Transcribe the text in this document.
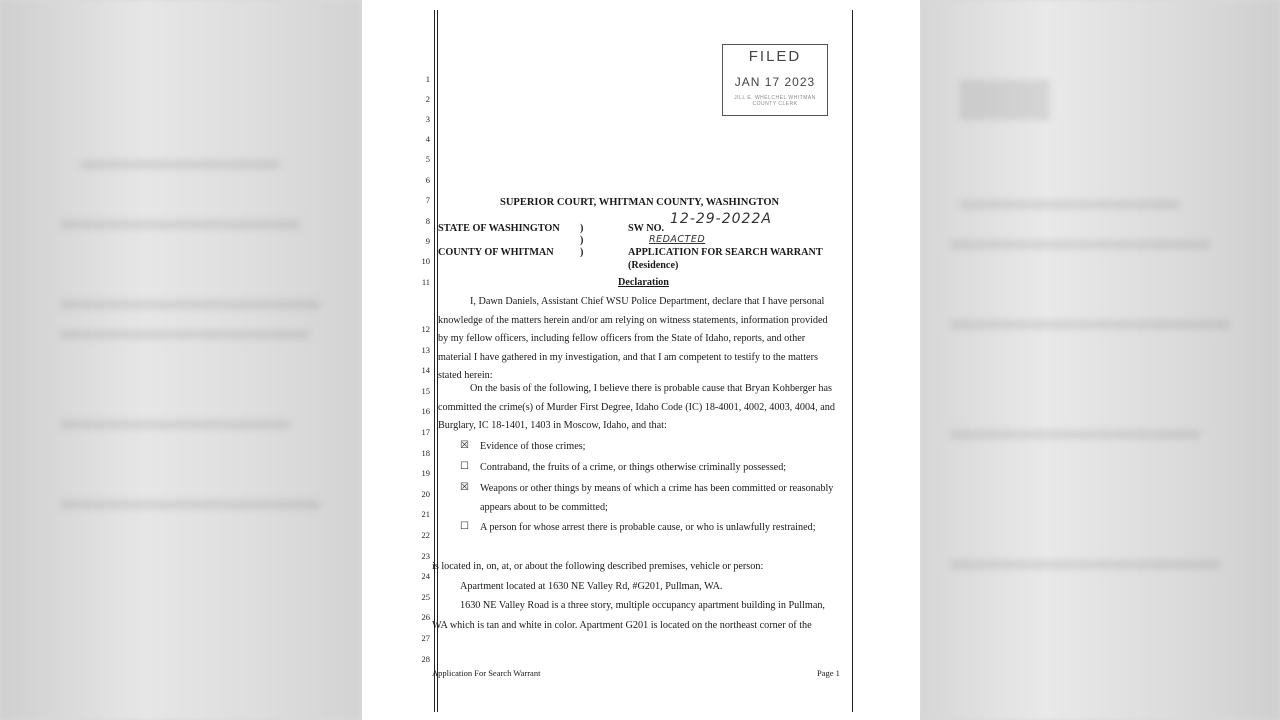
1
2
3
4
5
6
7
8
9
10
11
12
13
14
15
16
17
18
19
20
21
22
23
24
25
26
27
28
FILED
JAN 17 2023
JILL E. WHELCHEL WHITMAN COUNTY CLERK
SUPERIOR COURT, WHITMAN COUNTY, WASHINGTON
STATE OF WASHINGTON )
)
)
COUNTY OF WHITMAN
SW NO.
12-29-2022A
REDACTED
APPLICATION FOR SEARCH WARRANT
(Residence)
Declaration
I, Dawn Daniels, Assistant Chief WSU Police Department, declare that I have personal
knowledge of the matters herein and/or am relying on witness statements, information provided
by my fellow officers, including fellow officers from the State of Idaho, reports, and other
material I have gathered in my investigation, and that I am competent to testify to the matters
stated herein:
On the basis of the following, I believe there is probable cause that Bryan Kohberger has
committed the crime(s) of Murder First Degree, Idaho Code (IC) 18-4001, 4002, 4003, 4004, and
Burglary, IC 18-1401, 1403 in Moscow, Idaho, and that:
☒ Evidence of those crimes;
☐ Contraband, the fruits of a crime, or things otherwise criminally possessed;
☒ Weapons or other things by means of which a crime has been committed or reasonably
appears about to be committed;
☐ A person for whose arrest there is probable cause, or who is unlawfully restrained;
is located in, on, at, or about the following described premises, vehicle or person:
Apartment located at 1630 NE Valley Rd, #G201, Pullman, WA.
1630 NE Valley Road is a three story, multiple occupancy apartment building in Pullman,
WA which is tan and white in color. Apartment G201 is located on the northeast corner of the
Application For Search Warrant	Page 1
